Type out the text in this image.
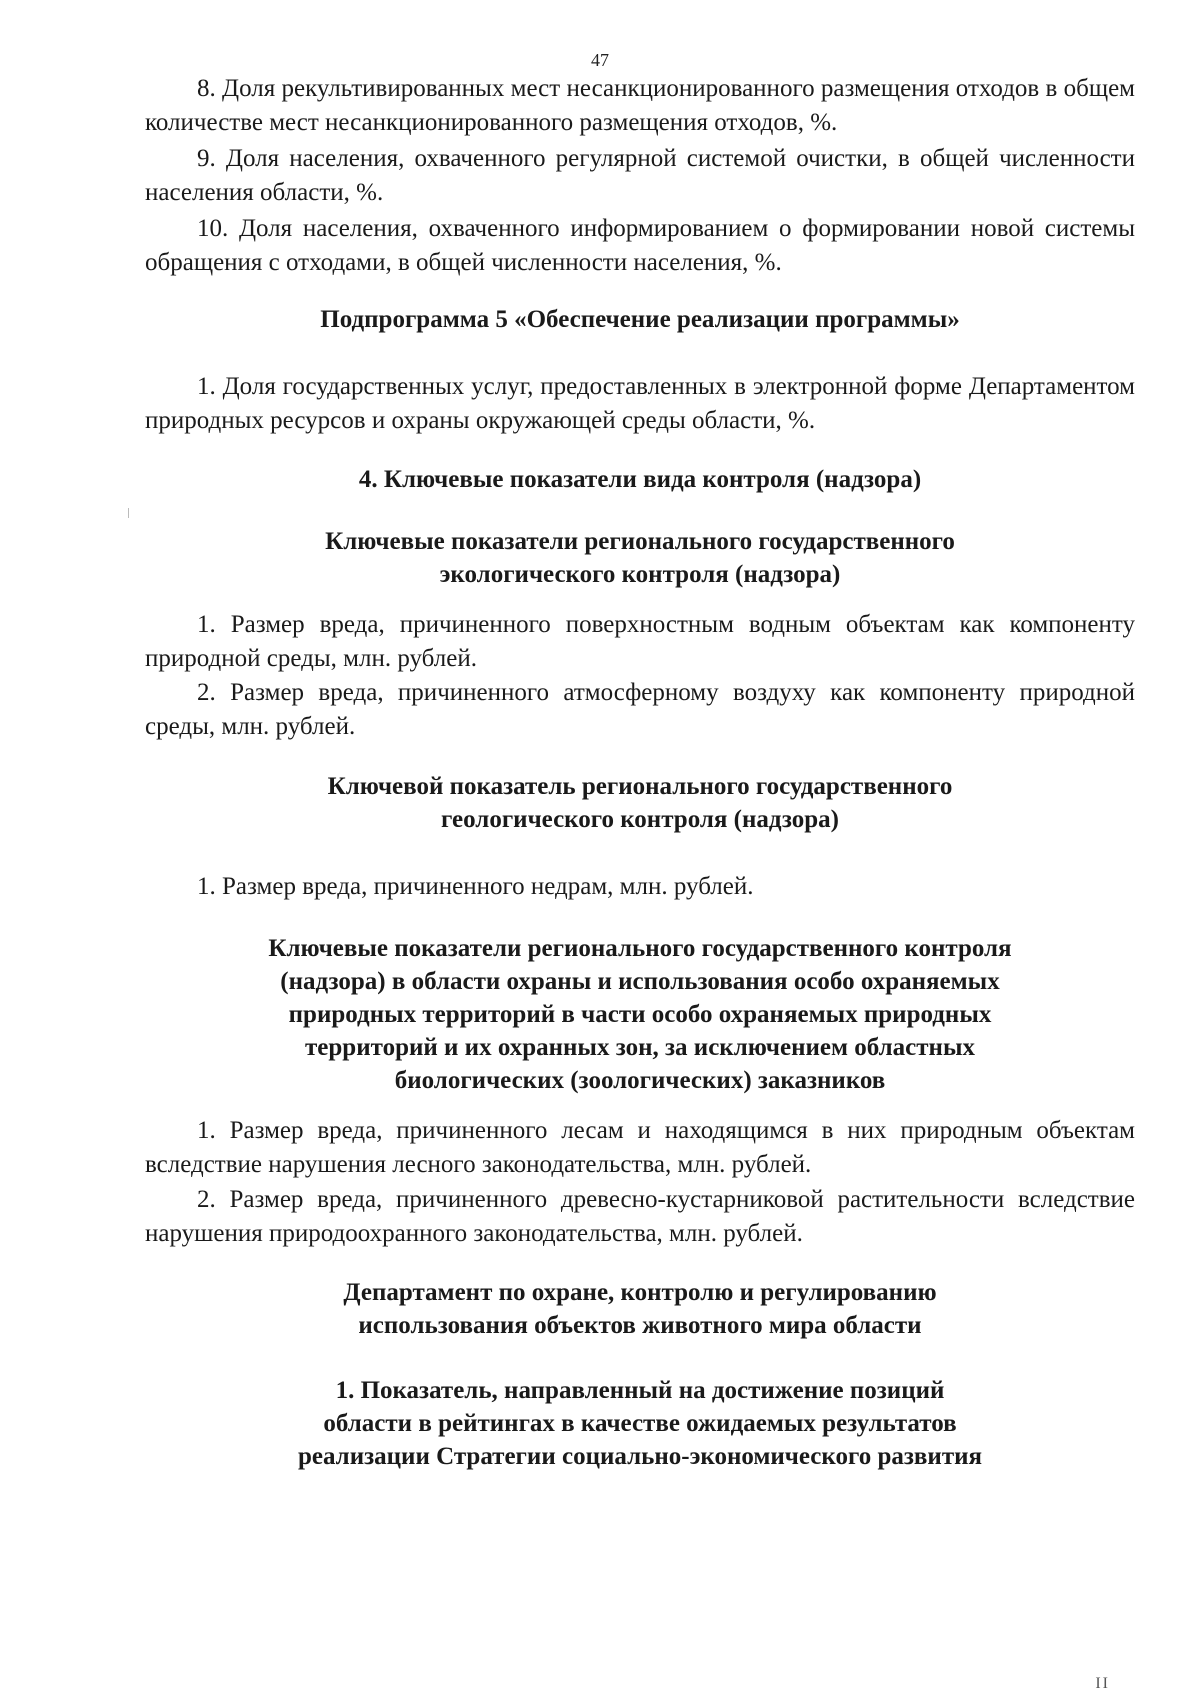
47

8. Доля рекультивированных мест несанкционированного размещения отходов в общем количестве мест несанкционированного размещения отходов, %.

9. Доля населения, охваченного регулярной системой очистки, в общей численности населения области, %.

10. Доля населения, охваченного информированием о формировании новой системы обращения с отходами, в общей численности населения, %.

Подпрограмма 5 «Обеспечение реализации программы»

1. Доля государственных услуг, предоставленных в электронной форме Департаментом природных ресурсов и охраны окружающей среды области, %.

4. Ключевые показатели вида контроля (надзора)
Ключевые показатели регионального государственного
экологического контроля (надзора)

1. Размер вреда, причиненного поверхностным водным объектам как компоненту природной среды, млн. рублей.

2. Размер вреда, причиненного атмосферному воздуху как компоненту природной среды, млн. рублей.

Ключевой показатель регионального государственного
геологического контроля (надзора)

1. Размер вреда, причиненного недрам, млн. рублей.

Ключевые показатели регионального государственного контроля
(надзора) в области охраны и использования особо охраняемых
природных территорий в части особо охраняемых природных
территорий и их охранных зон, за исключением областных
биологических (зоологических) заказников

1. Размер вреда, причиненного лесам и находящимся в них природным объектам вследствие нарушения лесного законодательства, млн. рублей.

2. Размер вреда, причиненного древесно-кустарниковой растительности вследствие нарушения природоохранного законодательства, млн. рублей.

Департамент по охране, контролю и регулированию
использования объектов животного мира области
1. Показатель, направленный на достижение позиций
области в рейтингах в качестве ожидаемых результатов
реализации Стратегии социально-экономического развития
II
